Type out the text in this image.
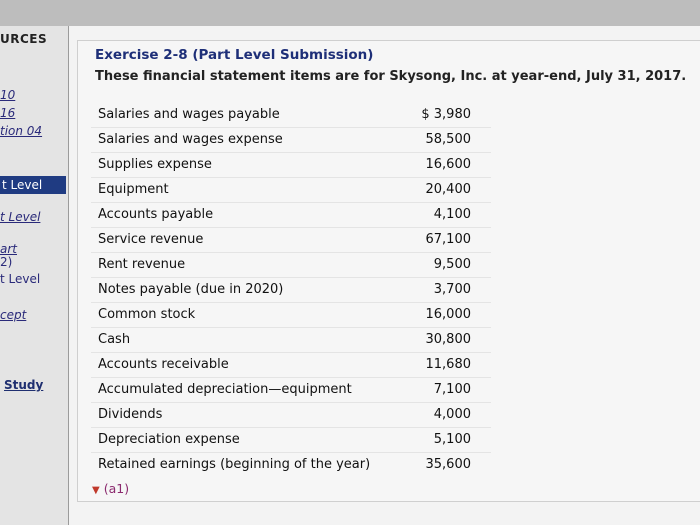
URCES
10
16
tion 04
t Level
t Level
art
2)
t Level
cept
Study
Exercise 2-8 (Part Level Submission)
These financial statement items are for Skysong, Inc. at year-end, July 31, 2017.
Salaries and wages payable	$ 3,980
Salaries and wages expense	58,500
Supplies expense	16,600
Equipment	20,400
Accounts payable	4,100
Service revenue	67,100
Rent revenue	9,500
Notes payable (due in 2020)	3,700
Common stock	16,000
Cash	30,800
Accounts receivable	11,680
Accumulated depreciation—equipment	7,100
Dividends	4,000
Depreciation expense	5,100
Retained earnings (beginning of the year)	35,600
▼ (a1)
